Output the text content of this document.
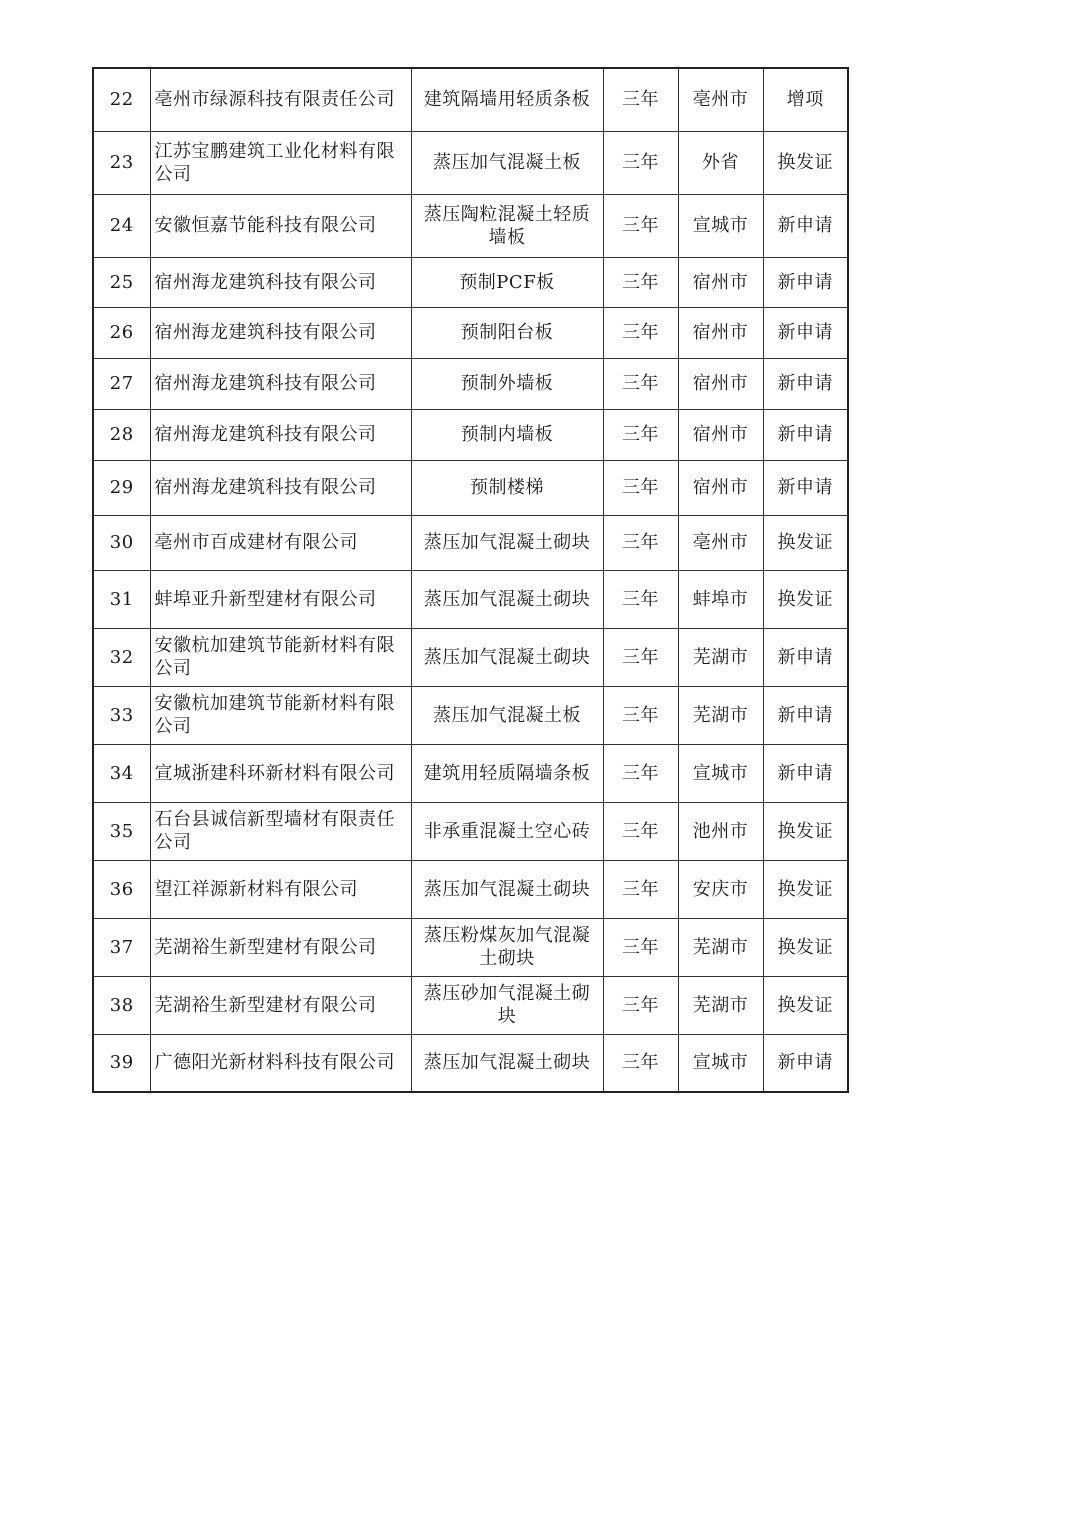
22	亳州市绿源科技有限责任公司	建筑隔墙用轻质条板	三年	亳州市	增项
23	江苏宝鹏建筑工业化材料有限公司	蒸压加气混凝土板	三年	外省	换发证
24	安徽恒嘉节能科技有限公司	蒸压陶粒混凝土轻质墙板	三年	宣城市	新申请
25	宿州海龙建筑科技有限公司	预制PCF板	三年	宿州市	新申请
26	宿州海龙建筑科技有限公司	预制阳台板	三年	宿州市	新申请
27	宿州海龙建筑科技有限公司	预制外墙板	三年	宿州市	新申请
28	宿州海龙建筑科技有限公司	预制内墙板	三年	宿州市	新申请
29	宿州海龙建筑科技有限公司	预制楼梯	三年	宿州市	新申请
30	亳州市百成建材有限公司	蒸压加气混凝土砌块	三年	亳州市	换发证
31	蚌埠亚升新型建材有限公司	蒸压加气混凝土砌块	三年	蚌埠市	换发证
32	安徽杭加建筑节能新材料有限公司	蒸压加气混凝土砌块	三年	芜湖市	新申请
33	安徽杭加建筑节能新材料有限公司	蒸压加气混凝土板	三年	芜湖市	新申请
34	宣城浙建科环新材料有限公司	建筑用轻质隔墙条板	三年	宣城市	新申请
35	石台县诚信新型墙材有限责任公司	非承重混凝土空心砖	三年	池州市	换发证
36	望江祥源新材料有限公司	蒸压加气混凝土砌块	三年	安庆市	换发证
37	芜湖裕生新型建材有限公司	蒸压粉煤灰加气混凝土砌块	三年	芜湖市	换发证
38	芜湖裕生新型建材有限公司	蒸压砂加气混凝土砌块	三年	芜湖市	换发证
39	广德阳光新材料科技有限公司	蒸压加气混凝土砌块	三年	宣城市	新申请
